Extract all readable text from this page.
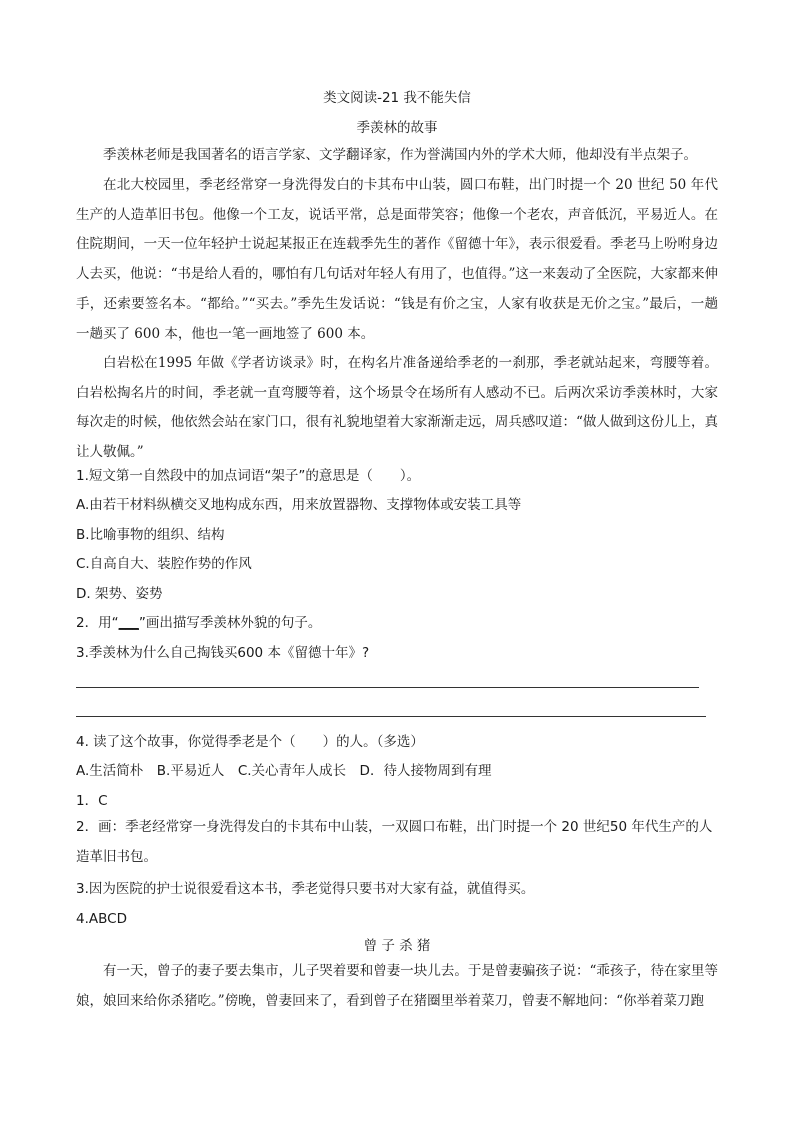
类文阅读-21 我不能失信
季羡林的故事

季羡林老师是我国著名的语言学家、文学翻译家，作为誉满国内外的学术大师，他却没有半点架子。

在北大校园里，季老经常穿一身洗得发白的卡其布中山装，圆口布鞋，出门时提一个 20 世纪 50 年代生产的人造革旧书包。他像一个工友，说话平常，总是面带笑容；他像一个老农，声音低沉，平易近人。在住院期间，一天一位年轻护士说起某报正在连载季先生的著作《留德十年》，表示很爱看。季老马上吩咐身边人去买，他说：“书是给人看的，哪怕有几句话对年轻人有用了，也值得。”这一来轰动了全医院，大家都来伸手，还索要签名本。“都给。”“买去。”季先生发话说：“钱是有价之宝，人家有收获是无价之宝。”最后，一趟一趟买了 600 本，他也一笔一画地签了 600 本。

白岩松在1995 年做《学者访谈录》时，在构名片准备递给季老的一刹那，季老就站起来，弯腰等着。白岩松掏名片的时间，季老就一直弯腰等着，这个场景令在场所有人感动不已。后两次采访季羡林时，大家每次走的时候，他依然会站在家门口，很有礼貌地望着大家渐渐走远，周兵感叹道：“做人做到这份儿上，真让人敬佩。”

1.短文第一自然段中的加点词语“架子”的意思是（　　）。
A.由若干材料纵横交叉地构成东西，用来放置器物、支撑物体或安装工具等
B.比喻事物的组织、结构
C.自高自大、装腔作势的作风
D. 架势、姿势
2．用“___”画出描写季羡林外貌的句子。
3.季羡林为什么自己掏钱买600 本《留德十年》?
4. 读了这个故事，你觉得季老是个（　　）的人。（多选）
A.生活简朴　B.平易近人　C.关心青年人成长　D．待人接物周到有理
1．C

2．画：季老经常穿一身洗得发白的卡其布中山装，一双圆口布鞋，出门时提一个 20 世纪50 年代生产的人造革旧书包。

3.因为医院的护士说很爱看这本书，季老觉得只要书对大家有益，就值得买。
4.ABCD
曾 子 杀 猪

有一天，曾子的妻子要去集市，儿子哭着要和曾妻一块儿去。于是曾妻骗孩子说：“乖孩子，待在家里等娘，娘回来给你杀猪吃。”傍晚，曾妻回来了，看到曾子在猪圈里举着菜刀，曾妻不解地问：“你举着菜刀跑
